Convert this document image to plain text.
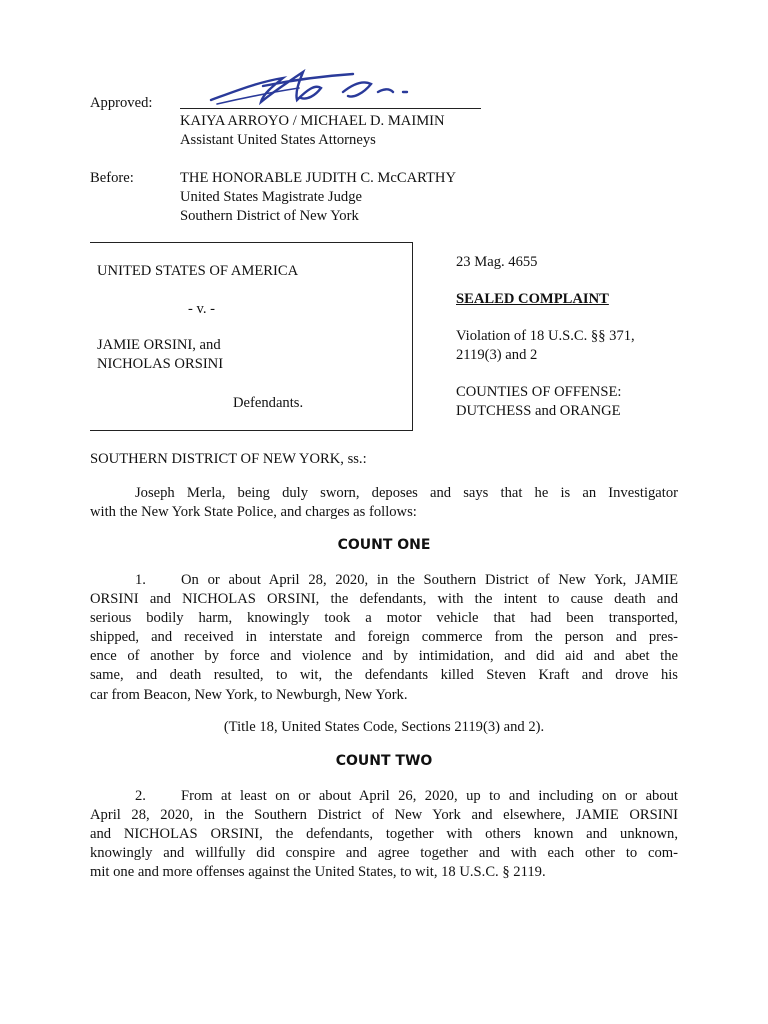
Approved:
KAIYA ARROYO / MICHAEL D. MAIMIN
Assistant United States Attorneys
Before:	THE HONORABLE JUDITH C. McCARTHY
United States Magistrate Judge
Southern District of New York
UNITED STATES OF AMERICA
- v. -
JAMIE ORSINI, and
NICHOLAS ORSINI
Defendants.
23 Mag. 4655
SEALED COMPLAINT
Violation of 18 U.S.C. §§ 371,
2119(3) and 2
COUNTIES OF OFFENSE:
DUTCHESS and ORANGE
SOUTHERN DISTRICT OF NEW YORK, ss.:
Joseph Merla, being duly sworn, deposes and says that he is an Investigator
with the New York State Police, and charges as follows:
COUNT ONE
1.	On or about April 28, 2020, in the Southern District of New York, JAMIE
ORSINI and NICHOLAS ORSINI, the defendants, with the intent to cause death and
serious bodily harm, knowingly took a motor vehicle that had been transported,
shipped, and received in interstate and foreign commerce from the person and pres-
ence of another by force and violence and by intimidation, and did aid and abet the
same, and death resulted, to wit, the defendants killed Steven Kraft and drove his
car from Beacon, New York, to Newburgh, New York.
(Title 18, United States Code, Sections 2119(3) and 2).
COUNT TWO
2.	From at least on or about April 26, 2020, up to and including on or about
April 28, 2020, in the Southern District of New York and elsewhere, JAMIE ORSINI
and NICHOLAS ORSINI, the defendants, together with others known and unknown,
knowingly and willfully did conspire and agree together and with each other to com-
mit one and more offenses against the United States, to wit, 18 U.S.C. § 2119.
